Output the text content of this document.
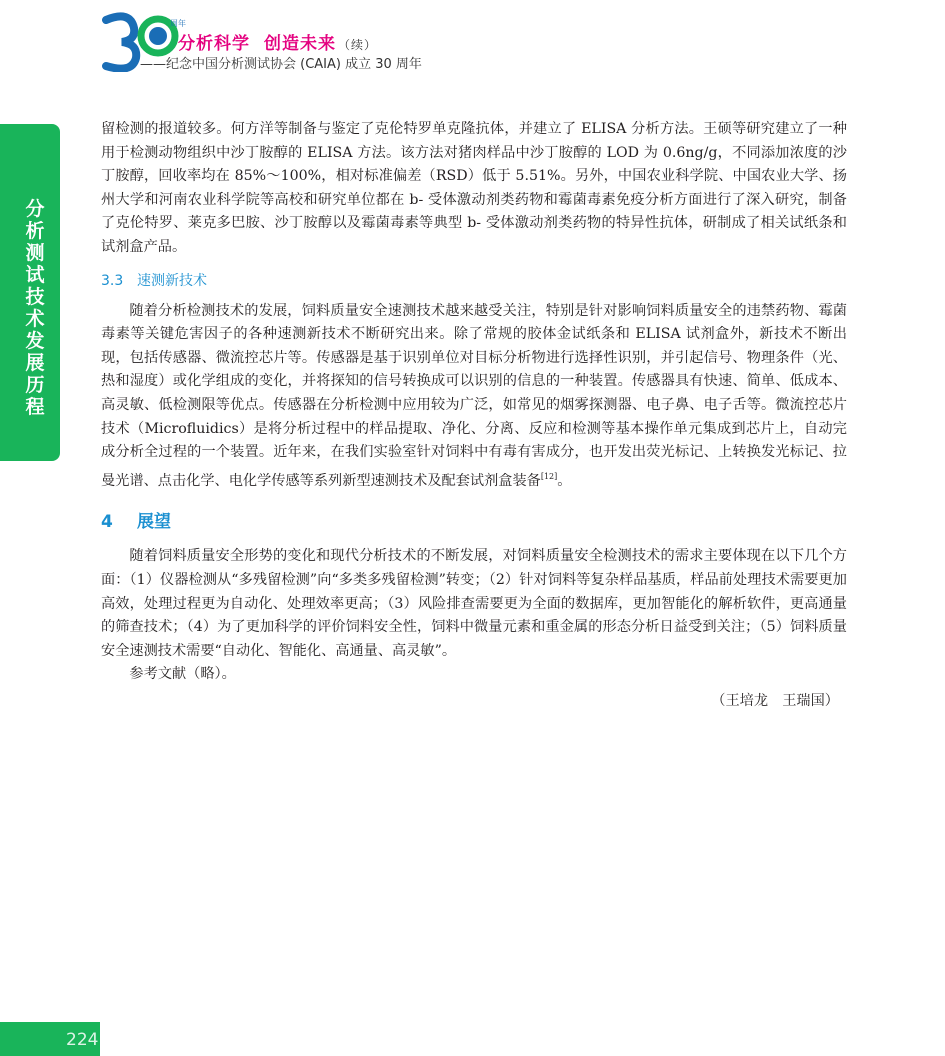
30
周年
分析科学 创造未来 （续）
——纪念中国分析测试协会 (CAIA) 成立 30 周年
分析测试技术发展历程

留检测的报道较多。何方洋等制备与鉴定了克伦特罗单克隆抗体，并建立了 ELISA 分析方法。王硕等研究建立了一种用于检测动物组织中沙丁胺醇的 ELISA 方法。该方法对猪肉样品中沙丁胺醇的 LOD 为 0.6ng/g，不同添加浓度的沙丁胺醇，回收率均在 85%～100%，相对标准偏差（RSD）低于 5.51%。另外，中国农业科学院、中国农业大学、扬州大学和河南农业科学院等高校和研究单位都在 b- 受体激动剂类药物和霉菌毒素免疫分析方面进行了深入研究，制备了克伦特罗、莱克多巴胺、沙丁胺醇以及霉菌毒素等典型 b- 受体激动剂类药物的特异性抗体，研制成了相关试纸条和试剂盒产品。

3.3 速测新技术

随着分析检测技术的发展，饲料质量安全速测技术越来越受关注，特别是针对影响饲料质量安全的违禁药物、霉菌毒素等关键危害因子的各种速测新技术不断研究出来。除了常规的胶体金试纸条和 ELISA 试剂盒外，新技术不断出现，包括传感器、微流控芯片等。传感器是基于识别单位对目标分析物进行选择性识别，并引起信号、物理条件（光、热和湿度）或化学组成的变化，并将探知的信号转换成可以识别的信息的一种装置。传感器具有快速、简单、低成本、高灵敏、低检测限等优点。传感器在分析检测中应用较为广泛，如常见的烟雾探测器、电子鼻、电子舌等。微流控芯片技术（Microfluidics）是将分析过程中的样品提取、净化、分离、反应和检测等基本操作单元集成到芯片上，自动完成分析全过程的一个装置。近年来，在我们实验室针对饲料中有毒有害成分，也开发出荧光标记、上转换发光标记、拉曼光谱、点击化学、电化学传感等系列新型速测技术及配套试剂盒装备[12]。

4 展望

随着饲料质量安全形势的变化和现代分析技术的不断发展，对饲料质量安全检测技术的需求主要体现在以下几个方面：（1）仪器检测从“多残留检测”向“多类多残留检测”转变；（2）针对饲料等复杂样品基质，样品前处理技术需要更加高效，处理过程更为自动化、处理效率更高；（3）风险排查需要更为全面的数据库，更加智能化的解析软件，更高通量的筛查技术；（4）为了更加科学的评价饲料安全性，饲料中微量元素和重金属的形态分析日益受到关注；（5）饲料质量安全速测技术需要“自动化、智能化、高通量、高灵敏”。

参考文献（略）。

（王培龙　王瑞国）
224
